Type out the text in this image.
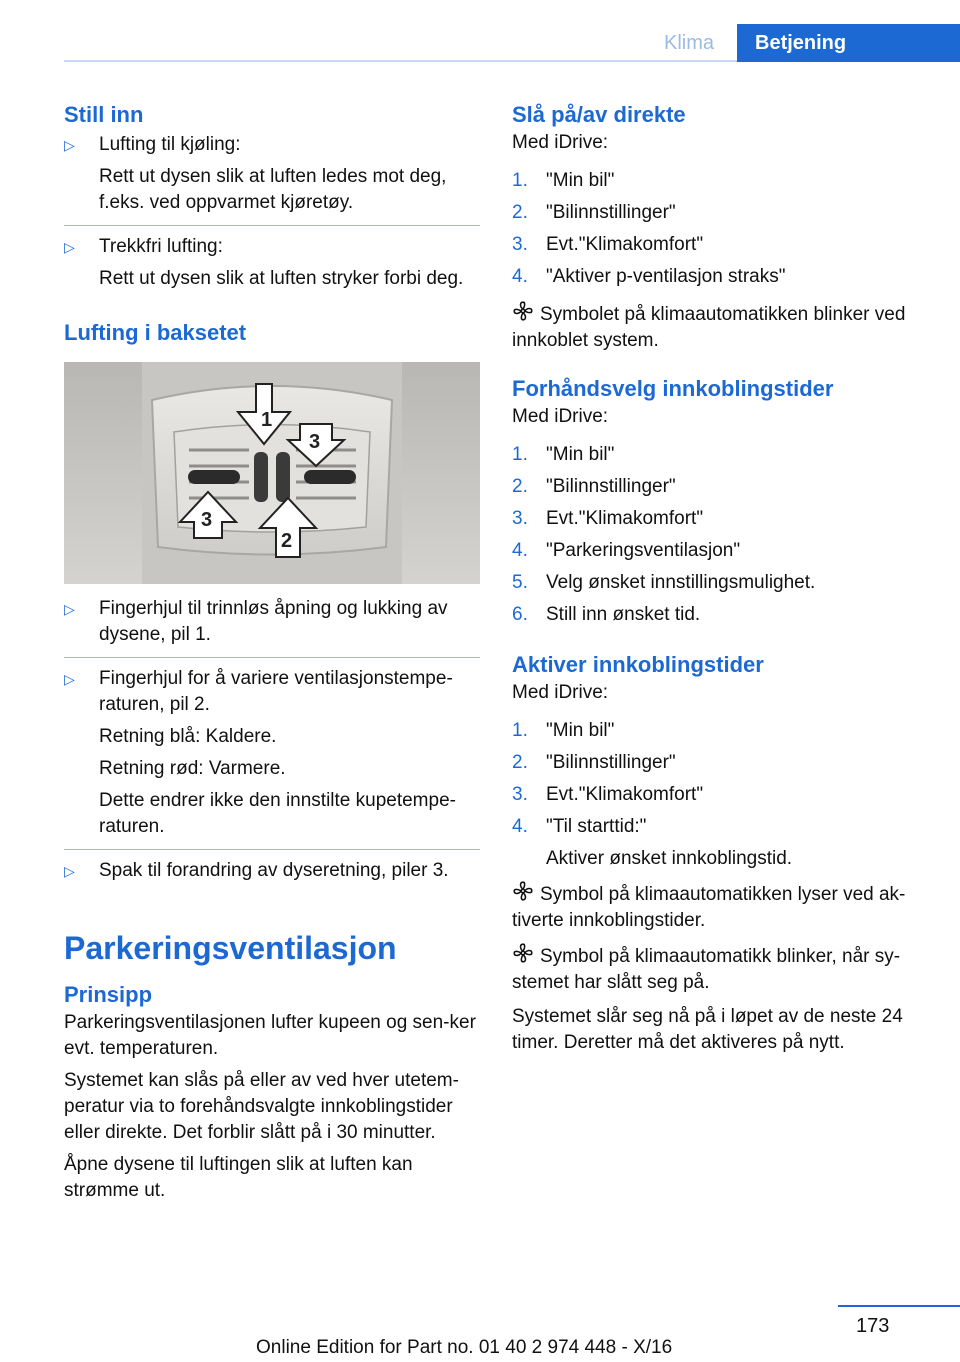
Klima Betjening
Still inn
▷ Lufting til kjøling:

Rett ut dysen slik at luften ledes mot deg, f.eks. ved oppvarmet kjøretøy.

▷ Trekkfri lufting:

Rett ut dysen slik at luften stryker forbi deg.

Lufting i baksetet
1
2
3
3
▷ Fingerhjul til trinnløs åpning og lukking av dysene, pil 1.

▷ Fingerhjul for å variere ventilasjonstempe‐raturen, pil 2.

Retning blå: Kaldere.

Retning rød: Varmere.

Dette endrer ikke den innstilte kupetempe‐raturen.

▷ Spak til forandring av dyseretning, piler 3.

Parkeringsventilasjon
Prinsipp

Parkeringsventilasjonen lufter kupeen og sen‐ker evt. temperaturen.

Systemet kan slås på eller av ved hver utetem‐peratur via to forehåndsvalgte innkoblingstider eller direkte. Det forblir slått på i 30 minutter.

Åpne dysene til luftingen slik at luften kan strømme ut.

Slå på/av direkte

Med iDrive:

1. "Min bil"
2. "Bilinnstillinger"
3. Evt."Klimakomfort"
4. "Aktiver p-ventilasjon straks"

Symbolet på klimaautomatikken blinker ved innkoblet system.

Forhåndsvelg innkoblingstider

Med iDrive:

1. "Min bil"
2. "Bilinnstillinger"
3. Evt."Klimakomfort"
4. "Parkeringsventilasjon"
5. Velg ønsket innstillingsmulighet.
6. Still inn ønsket tid.
Aktiver innkoblingstider

Med iDrive:

1. "Min bil"
2. "Bilinnstillinger"
3. Evt."Klimakomfort"
4. "Til starttid:"

Aktiver ønsket innkoblingstid.

Symbol på klimaautomatikken lyser ved ak‐tiverte innkoblingstider.

Symbol på klimaautomatikk blinker, når sy‐stemet har slått seg på.

Systemet slår seg nå på i løpet av de neste 24 timer. Deretter må det aktiveres på nytt.

173
Online Edition for Part no. 01 40 2 974 448 - X/16
